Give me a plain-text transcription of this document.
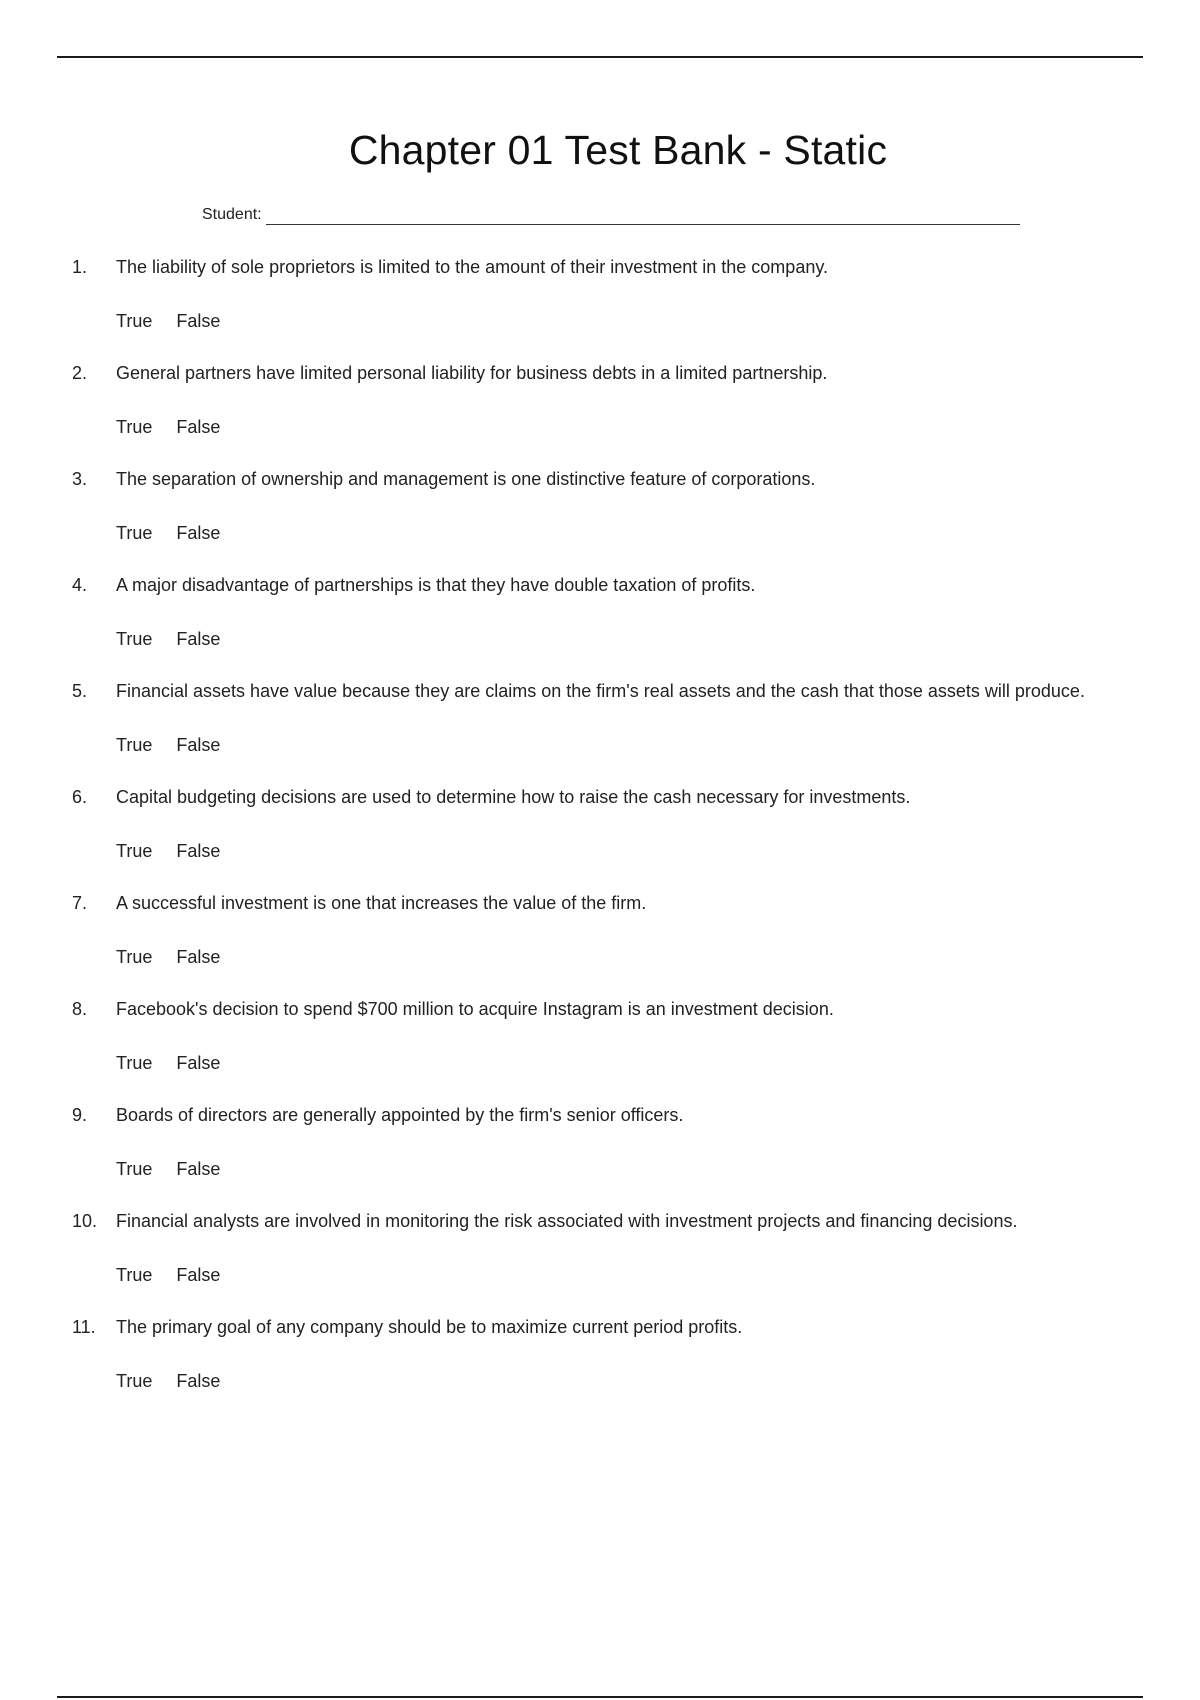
Chapter 01 Test Bank - Static
Student:
1.	The liability of sole proprietors is limited to the amount of their investment in the company.

True False
2.	General partners have limited personal liability for business debts in a limited partnership.

True False
3.	The separation of ownership and management is one distinctive feature of corporations.

True False
4.	A major disadvantage of partnerships is that they have double taxation of profits.

True False
5.	Financial assets have value because they are claims on the firm's real assets and the cash that those assets will produce.

True False
6.	Capital budgeting decisions are used to determine how to raise the cash necessary for investments.

True False
7.	A successful investment is one that increases the value of the firm.

True False
8.	Facebook's decision to spend $700 million to acquire Instagram is an investment decision.

True False
9.	Boards of directors are generally appointed by the firm's senior officers.

True False
10.	Financial analysts are involved in monitoring the risk associated with investment projects and financing decisions.

True False
11.	The primary goal of any company should be to maximize current period profits.

True False
